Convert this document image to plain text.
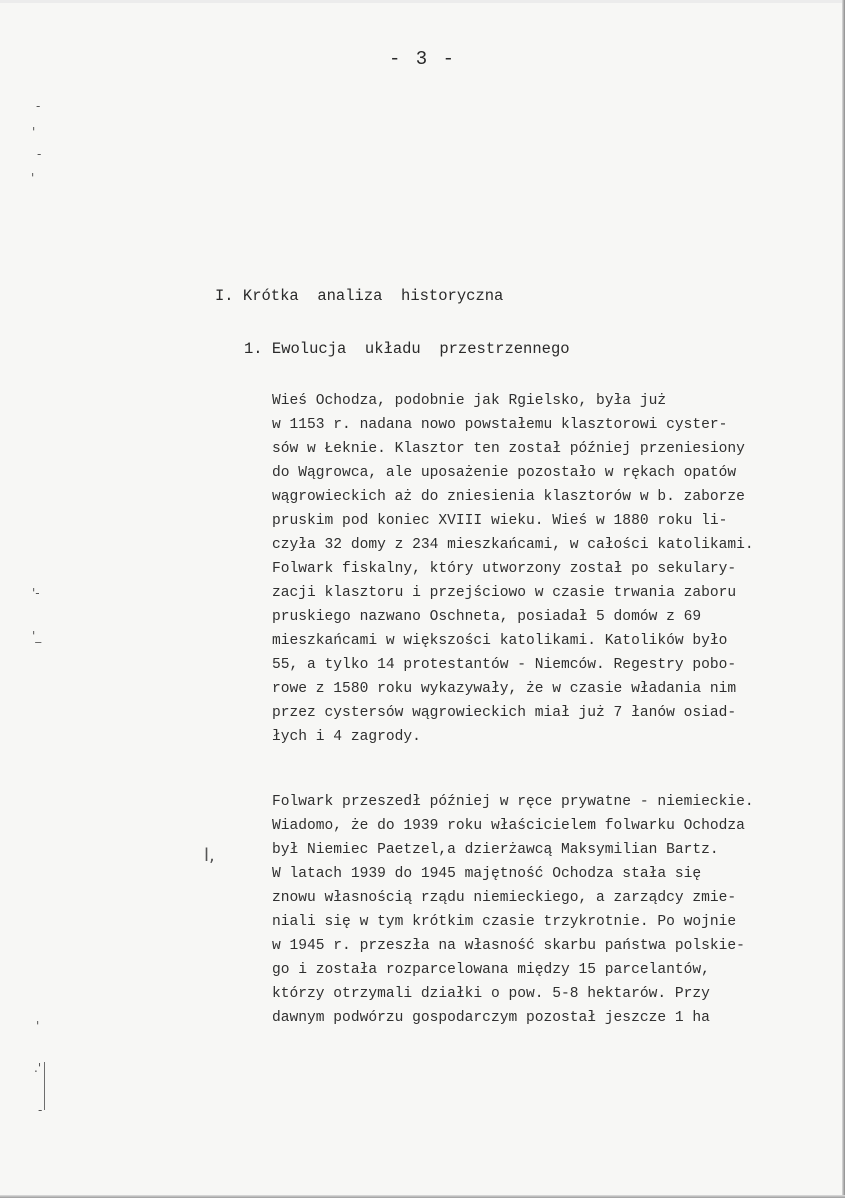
-
'
-
'
'-
'_
l,
'
.'
-
- 3 -
I. Krótka  analiza  historyczna
1. Ewolucja  układu  przestrzennego
Wieś Ochodza, podobnie jak Rgielsko, była już
w 1153 r. nadana nowo powstałemu klasztorowi cyster-
sów w Łeknie. Klasztor ten został później przeniesiony
do Wągrowca, ale uposażenie pozostało w rękach opatów
wągrowieckich aż do zniesienia klasztorów w b. zaborze
pruskim pod koniec XVIII wieku. Wieś w 1880 roku li-
czyła 32 domy z 234 mieszkańcami, w całości katolikami.
Folwark fiskalny, który utworzony został po sekulary-
zacji klasztoru i przejściowo w czasie trwania zaboru
pruskiego nazwano Oschneta, posiadał 5 domów z 69
mieszkańcami w większości katolikami. Katolików było
55, a tylko 14 protestantów - Niemców. Regestry pobo-
rowe z 1580 roku wykazywały, że w czasie władania nim
przez cystersów wągrowieckich miał już 7 łanów osiad-
łych i 4 zagrody.
Folwark przeszedł później w ręce prywatne - niemieckie.
Wiadomo, że do 1939 roku właścicielem folwarku Ochodza
był Niemiec Paetzel,a dzierżawcą Maksymilian Bartz.
W latach 1939 do 1945 majętność Ochodza stała się
znowu własnością rządu niemieckiego, a zarządcy zmie-
niali się w tym krótkim czasie trzykrotnie. Po wojnie
w 1945 r. przeszła na własność skarbu państwa polskie-
go i została rozparcelowana między 15 parcelantów,
którzy otrzymali działki o pow. 5-8 hektarów. Przy
dawnym podwórzu gospodarczym pozostał jeszcze 1 ha
